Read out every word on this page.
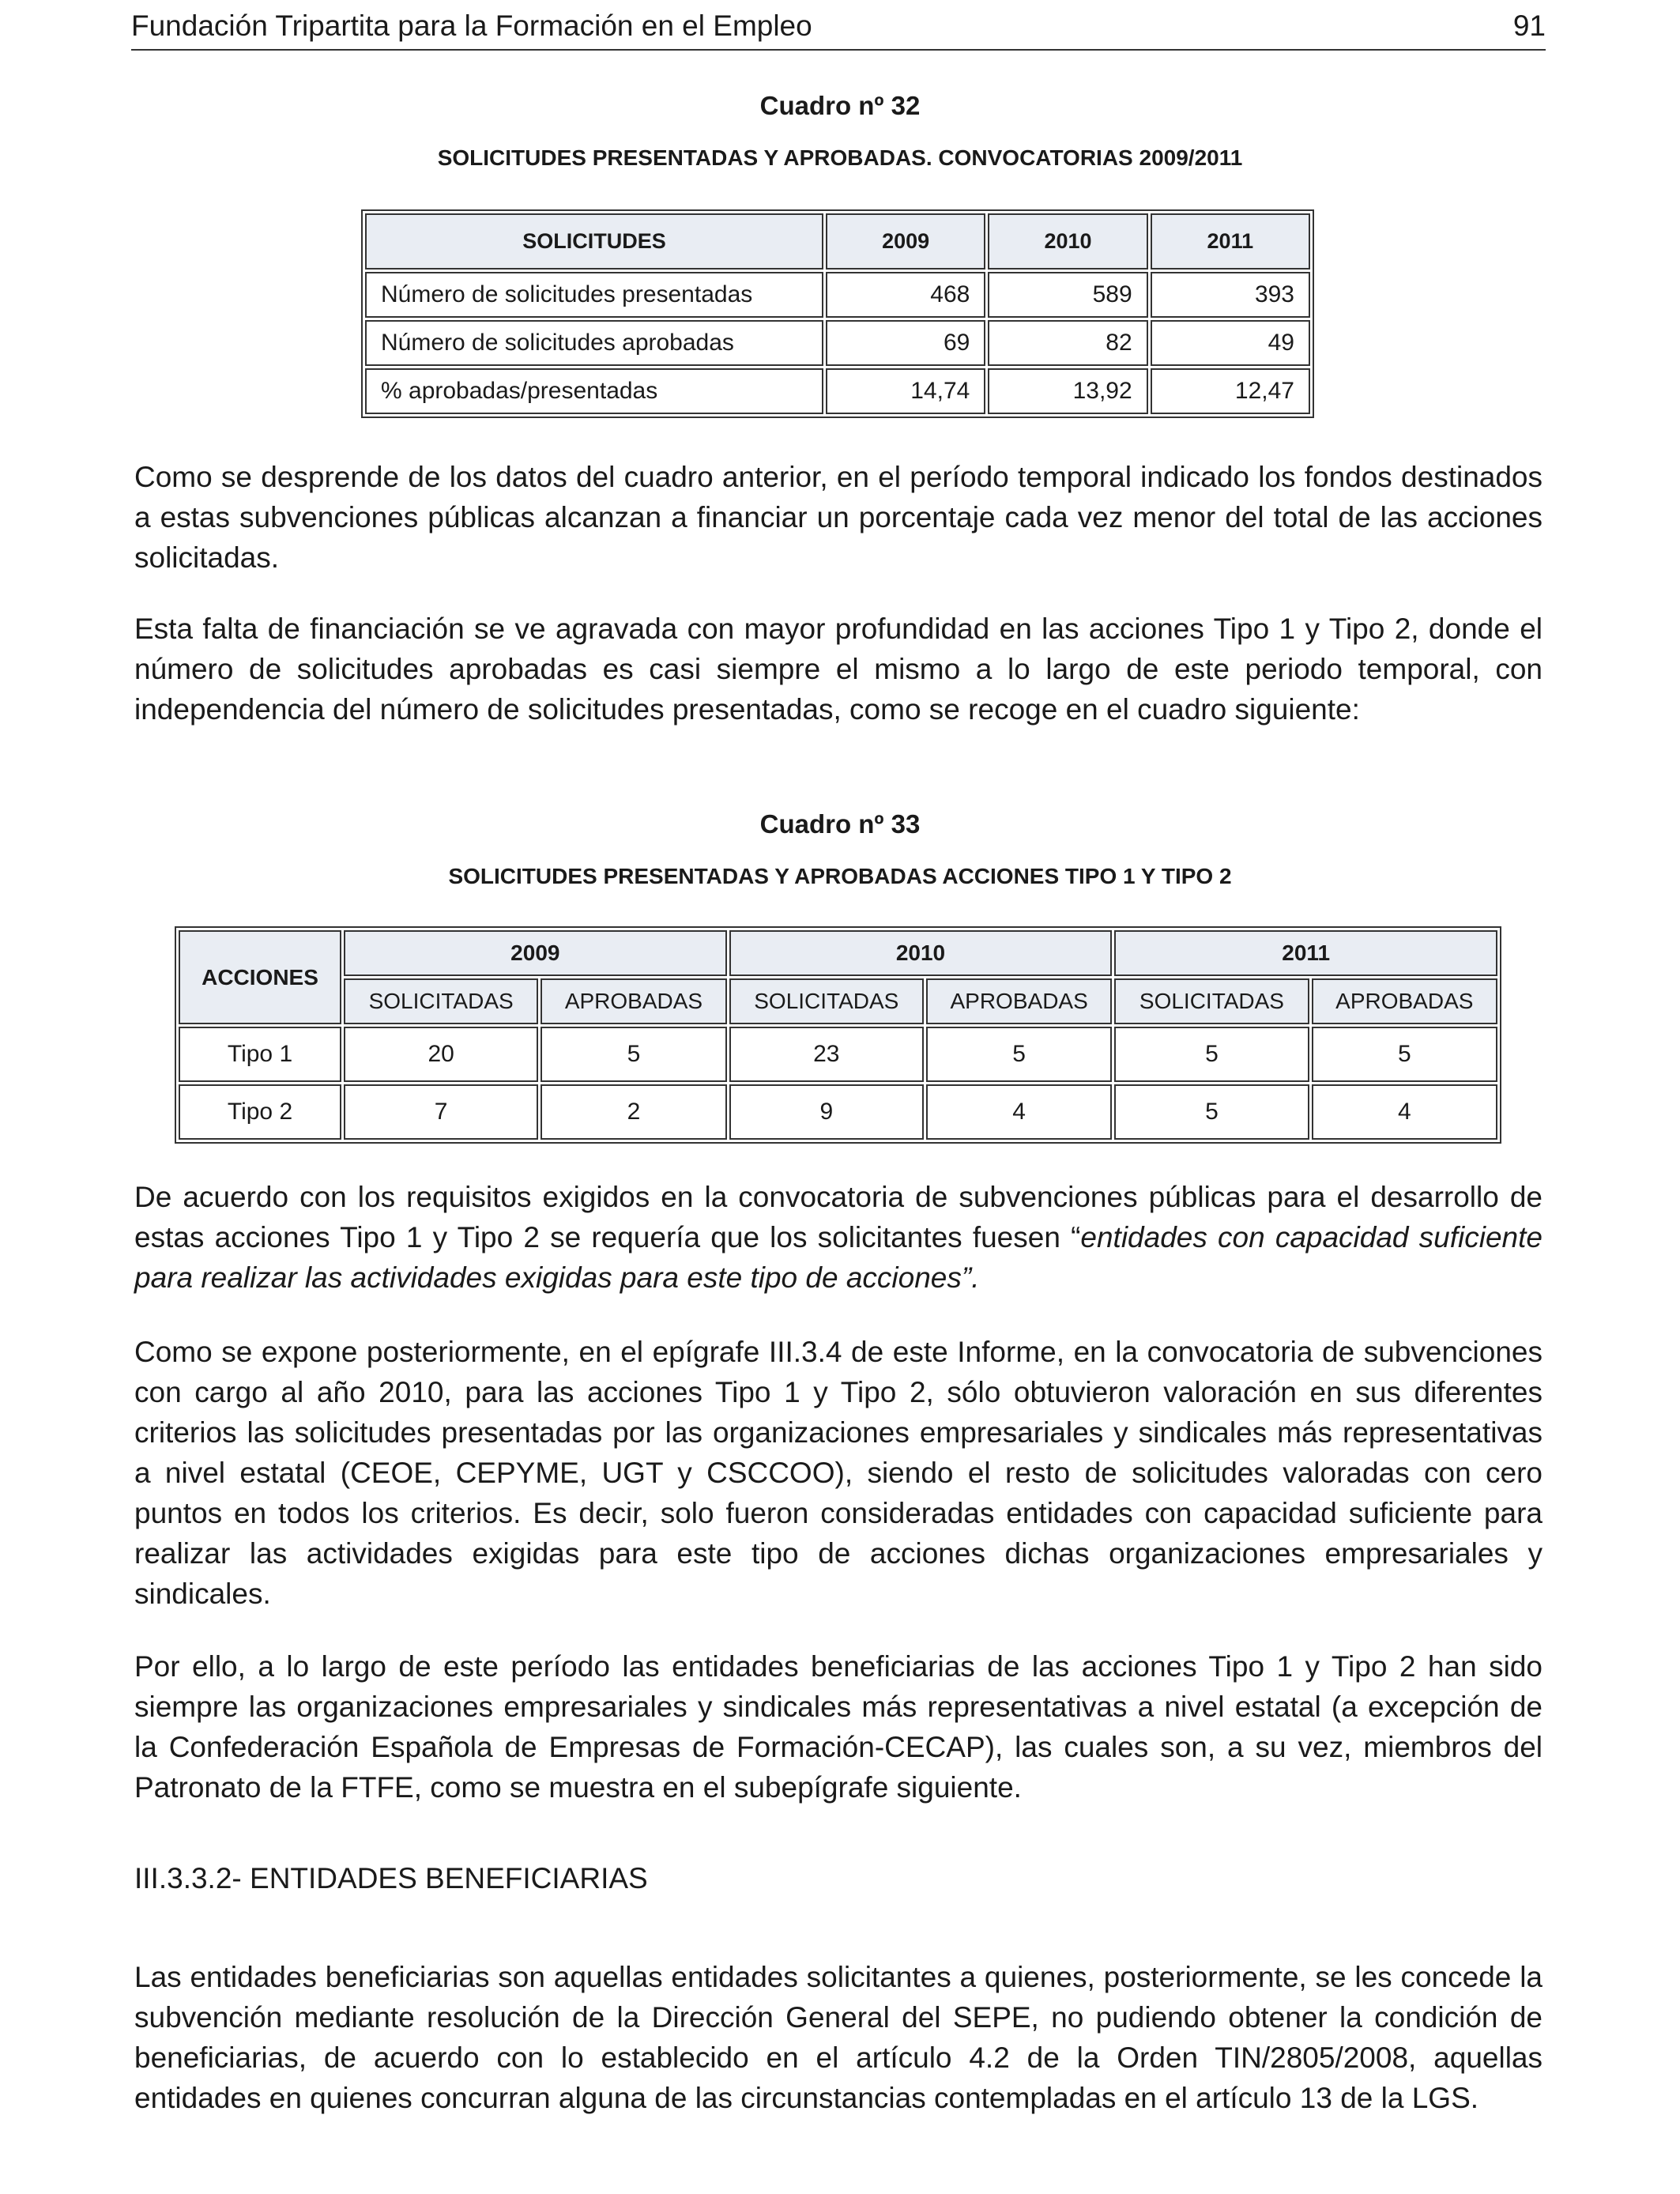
Fundación Tripartita para la Formación en el Empleo	91
Cuadro nº 32
SOLICITUDES PRESENTADAS Y APROBADAS. CONVOCATORIAS 2009/2011
SOLICITUDES	2009	2010	2011
Número de solicitudes presentadas	468	589	393
Número de solicitudes aprobadas	69	82	49
% aprobadas/presentadas	14,74	13,92	12,47

Como se desprende de los datos del cuadro anterior, en el período temporal indicado los fondos destinados a estas subvenciones públicas alcanzan a financiar un porcentaje cada vez menor del total de las acciones solicitadas.

Esta falta de financiación se ve agravada con mayor profundidad en las acciones Tipo 1 y Tipo 2, donde el número de solicitudes aprobadas es casi siempre el mismo a lo largo de este periodo temporal, con independencia del número de solicitudes presentadas, como se recoge en el cuadro siguiente:

Cuadro nº 33
SOLICITUDES PRESENTADAS Y APROBADAS ACCIONES TIPO 1 Y TIPO 2
ACCIONES	2009		2010		2011	
	SOLICITADAS	APROBADAS	SOLICITADAS	APROBADAS	SOLICITADAS	APROBADAS
Tipo 1	20	5	23	5	5	5
Tipo 2	7	2	9	4	5	4

De acuerdo con los requisitos exigidos en la convocatoria de subvenciones públicas para el desarrollo de estas acciones Tipo 1 y Tipo 2 se requería que los solicitantes fuesen “entidades con capacidad suficiente para realizar las actividades exigidas para este tipo de acciones”.

Como se expone posteriormente, en el epígrafe III.3.4 de este Informe, en la convocatoria de subvenciones con cargo al año 2010, para las acciones Tipo 1 y Tipo 2, sólo obtuvieron valoración en sus diferentes criterios las solicitudes presentadas por las organizaciones empresariales y sindicales más representativas a nivel estatal (CEOE, CEPYME, UGT y CSCCOO), siendo el resto de solicitudes valoradas con cero puntos en todos los criterios. Es decir, solo fueron consideradas entidades con capacidad suficiente para realizar las actividades exigidas para este tipo de acciones dichas organizaciones empresariales y sindicales.

Por ello, a lo largo de este período las entidades beneficiarias de las acciones Tipo 1 y Tipo 2 han sido siempre las organizaciones empresariales y sindicales más representativas a nivel estatal (a excepción de la Confederación Española de Empresas de Formación-CECAP), las cuales son, a su vez, miembros del Patronato de la FTFE, como se muestra en el subepígrafe siguiente.

III.3.3.2- ENTIDADES BENEFICIARIAS

Las entidades beneficiarias son aquellas entidades solicitantes a quienes, posteriormente, se les concede la subvención mediante resolución de la Dirección General del SEPE, no pudiendo obtener la condición de beneficiarias, de acuerdo con lo establecido en el artículo 4.2 de la Orden TIN/2805/2008, aquellas entidades en quienes concurran alguna de las circunstancias contempladas en el artículo 13 de la LGS.
